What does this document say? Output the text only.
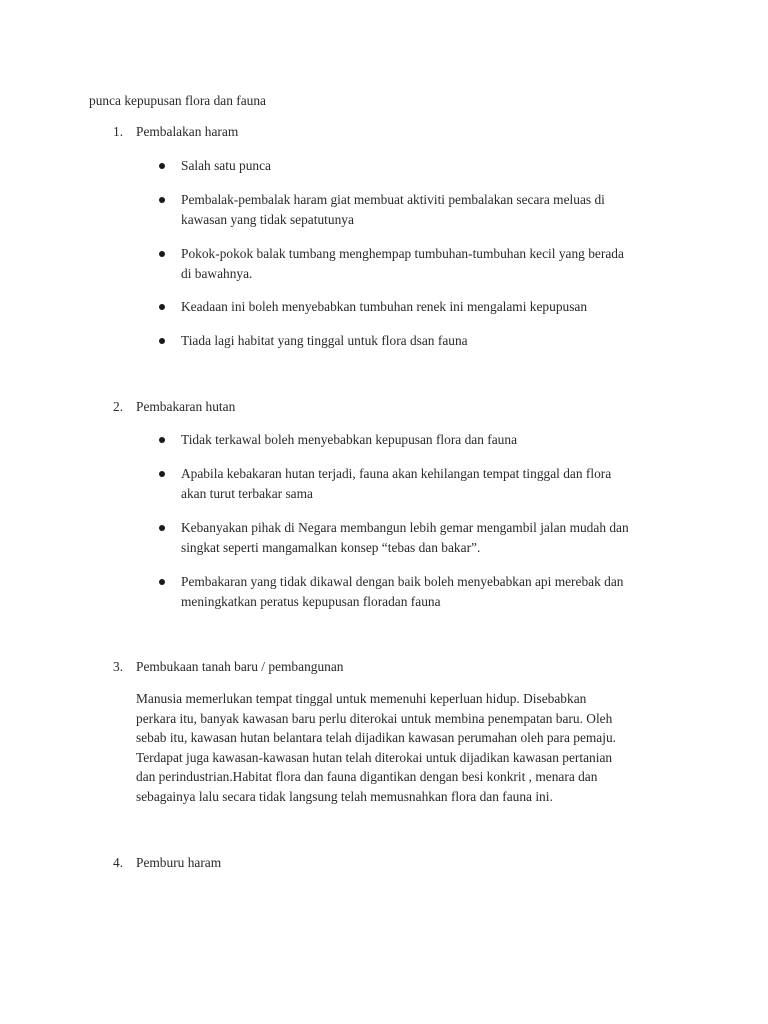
punca kepupusan flora dan fauna
1. Pembalakan haram
Salah satu punca
Pembalak-pembalak haram giat membuat aktiviti pembalakan secara meluas di
kawasan yang tidak sepatutunya
Pokok-pokok balak tumbang menghempap tumbuhan-tumbuhan kecil yang berada
di bawahnya.
Keadaan ini boleh menyebabkan tumbuhan renek ini mengalami kepupusan
Tiada lagi habitat yang tinggal untuk flora dsan fauna
2. Pembakaran hutan
Tidak terkawal boleh menyebabkan kepupusan flora dan fauna
Apabila kebakaran hutan terjadi, fauna akan kehilangan tempat tinggal dan flora
akan turut terbakar sama
Kebanyakan pihak di Negara membangun lebih gemar mengambil jalan mudah dan
singkat seperti mangamalkan konsep “tebas dan bakar”.
Pembakaran yang tidak dikawal dengan baik boleh menyebabkan api merebak dan
meningkatkan peratus kepupusan floradan fauna
3. Pembukaan tanah baru / pembangunan
Manusia memerlukan tempat tinggal untuk memenuhi keperluan hidup. Disebabkan
perkara itu, banyak kawasan baru perlu diterokai untuk membina penempatan baru. Oleh
sebab itu, kawasan hutan belantara telah dijadikan kawasan perumahan oleh para pemaju.
Terdapat juga kawasan-kawasan hutan telah diterokai untuk dijadikan kawasan pertanian
dan perindustrian.Habitat flora dan fauna digantikan dengan besi konkrit , menara dan
sebagainya lalu secara tidak langsung telah memusnahkan flora dan fauna ini.
4. Pemburu haram
